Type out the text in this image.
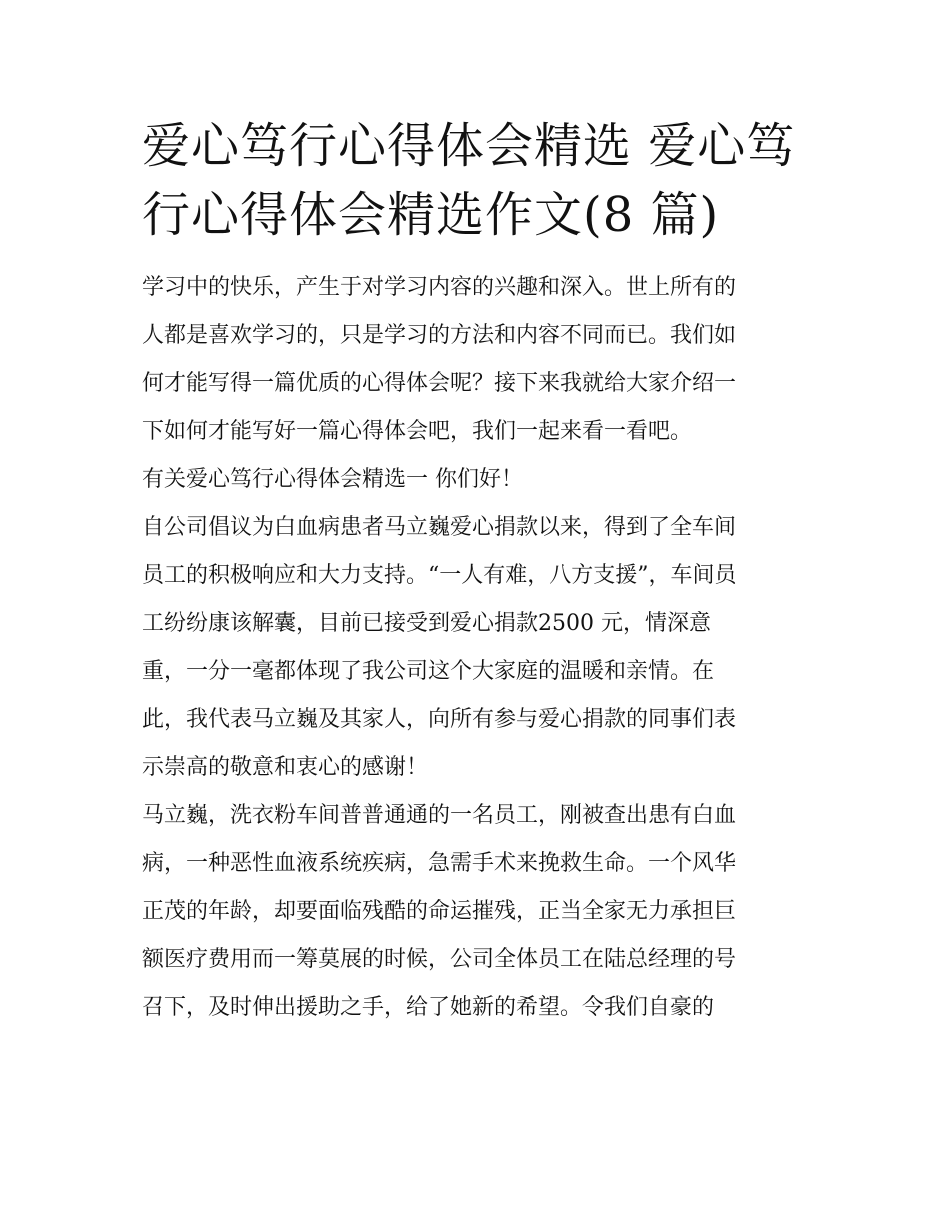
爱心笃行心得体会精选 爱心笃
行心得体会精选作文(8 篇)
学习中的快乐，产生于对学习内容的兴趣和深入。世上所有的
人都是喜欢学习的，只是学习的方法和内容不同而已。我们如
何才能写得一篇优质的心得体会呢？接下来我就给大家介绍一
下如何才能写好一篇心得体会吧，我们一起来看一看吧。
有关爱心笃行心得体会精选一 你们好！
自公司倡议为白血病患者马立巍爱心捐款以来，得到了全车间
员工的积极响应和大力支持。“一人有难，八方支援”，车间员
工纷纷康该解囊，目前已接受到爱心捐款2500 元，情深意
重，一分一毫都体现了我公司这个大家庭的温暖和亲情。在
此，我代表马立巍及其家人，向所有参与爱心捐款的同事们表
示崇高的敬意和衷心的感谢！
马立巍，洗衣粉车间普普通通的一名员工，刚被查出患有白血
病，一种恶性血液系统疾病，急需手术来挽救生命。一个风华
正茂的年龄，却要面临残酷的命运摧残，正当全家无力承担巨
额医疗费用而一筹莫展的时候，公司全体员工在陆总经理的号
召下，及时伸出援助之手，给了她新的希望。令我们自豪的
